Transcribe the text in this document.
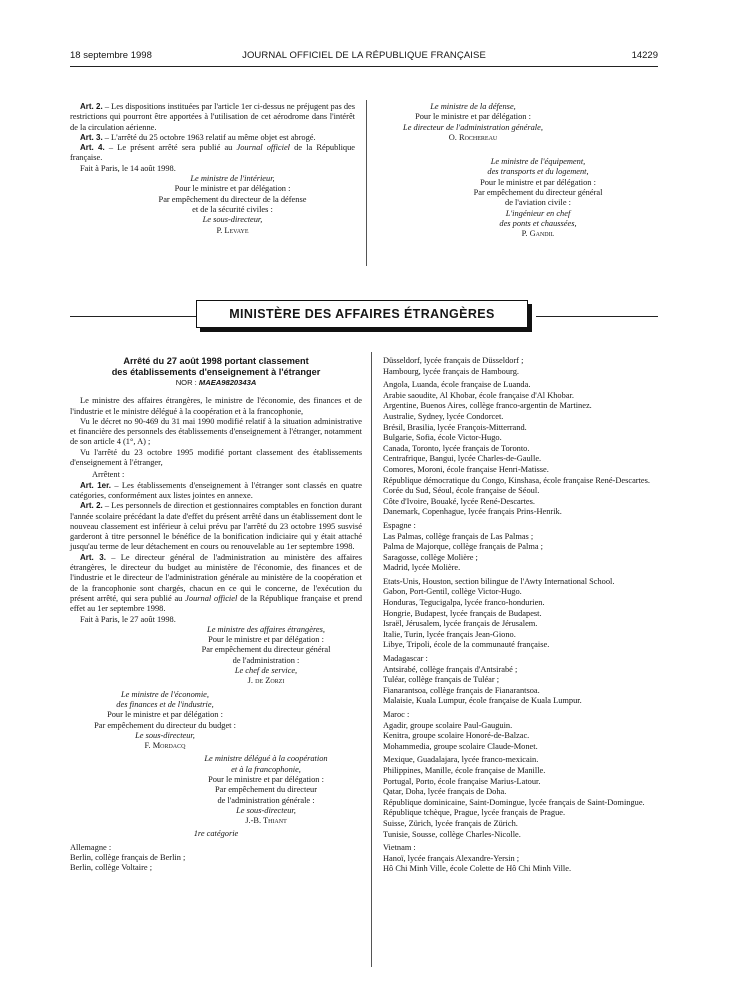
18 septembre 1998	JOURNAL OFFICIEL DE LA RÉPUBLIQUE FRANÇAISE	14229

Art. 2. – Les dispositions instituées par l'article 1er ci-dessus ne préjugent pas des restrictions qui pourront être apportées à l'utilisation de cet aérodrome dans l'intérêt de la circulation aérienne.

Art. 3. – L'arrêté du 25 octobre 1963 relatif au même objet est abrogé.

Art. 4. – Le présent arrêté sera publié au Journal officiel de la République française.

Fait à Paris, le 14 août 1998.

Le ministre de l'intérieur,

Pour le ministre et par délégation :

Par empêchement du directeur de la défense

et de la sécurité civiles :

Le sous-directeur,

P. Levaye

Le ministre de la défense,

Pour le ministre et par délégation :

Le directeur de l'administration générale,

O. Rochereau

Le ministre de l'équipement,

des transports et du logement,

Pour le ministre et par délégation :

Par empêchement du directeur général

de l'aviation civile :

L'ingénieur en chef

des ponts et chaussées,

P. Gandil

MINISTÈRE DES AFFAIRES ÉTRANGÈRES

Arrêté du 27 août 1998 portant classement

des établissements d'enseignement à l'étranger

NOR : MAEA9820343A

Le ministre des affaires étrangères, le ministre de l'économie, des finances et de l'industrie et le ministre délégué à la coopération et à la francophonie,

Vu le décret no 90-469 du 31 mai 1990 modifié relatif à la situation administrative et financière des personnels des établissements d'enseignement à l'étranger, notamment de son article 4 (1°, A) ;

Vu l'arrêté du 23 octobre 1995 modifié portant classement des établissements d'enseignement à l'étranger,

Arrêtent :

Art. 1er. – Les établissements d'enseignement à l'étranger sont classés en quatre catégories, conformément aux listes jointes en annexe.

Art. 2. – Les personnels de direction et gestionnaires comptables en fonction durant l'année scolaire précédant la date d'effet du présent arrêté dans un établissement dont le nouveau classement est inférieur à celui prévu par l'arrêté du 23 octobre 1995 susvisé garderont à titre personnel le bénéfice de la bonification indiciaire qui y était attaché jusqu'au terme de leur détachement en cours ou renouvelable au 1er septembre 1998.

Art. 3. – Le directeur général de l'administration au ministère des affaires étrangères, le directeur du budget au ministère de l'économie, des finances et de l'industrie et le directeur de l'administration générale au ministère de la coopération et de la francophonie sont chargés, chacun en ce qui le concerne, de l'exécution du présent arrêté, qui sera publié au Journal officiel de la République française et prend effet au 1er septembre 1998.

Fait à Paris, le 27 août 1998.

Le ministre des affaires étrangères,

Pour le ministre et par délégation :

Par empêchement du directeur général

de l'administration :

Le chef de service,

J. de Zorzi

Le ministre de l'économie,

des finances et de l'industrie,

Pour le ministre et par délégation :

Par empêchement du directeur du budget :

Le sous-directeur,

F. Mordacq

Le ministre délégué à la coopération

et à la francophonie,

Pour le ministre et par délégation :

Par empêchement du directeur

de l'administration générale :

Le sous-directeur,

J.-B. Thiant

1re catégorie

Allemagne :

Berlin, collège français de Berlin ;

Berlin, collège Voltaire ;

Düsseldorf, lycée français de Düsseldorf ;

Hambourg, lycée français de Hambourg.

Angola, Luanda, école française de Luanda.

Arabie saoudite, Al Khobar, école française d'Al Khobar.

Argentine, Buenos Aires, collège franco-argentin de Martinez.

Australie, Sydney, lycée Condorcet.

Brésil, Brasilia, lycée François-Mitterrand.

Bulgarie, Sofia, école Victor-Hugo.

Canada, Toronto, lycée français de Toronto.

Centrafrique, Bangui, lycée Charles-de-Gaulle.

Comores, Moroni, école française Henri-Matisse.

République démocratique du Congo, Kinshasa, école française René-Descartes.

Corée du Sud, Séoul, école française de Séoul.

Côte d'Ivoire, Bouaké, lycée René-Descartes.

Danemark, Copenhague, lycée français Prins-Henrik.

Espagne :

Las Palmas, collège français de Las Palmas ;

Palma de Majorque, collège français de Palma ;

Saragosse, collège Molière ;

Madrid, lycée Molière.

Etats-Unis, Houston, section bilingue de l'Awty International School.

Gabon, Port-Gentil, collège Victor-Hugo.

Honduras, Tegucigalpa, lycée franco-hondurien.

Hongrie, Budapest, lycée français de Budapest.

Israël, Jérusalem, lycée français de Jérusalem.

Italie, Turin, lycée français Jean-Giono.

Libye, Tripoli, école de la communauté française.

Madagascar :

Antsirabé, collège français d'Antsirabé ;

Tuléar, collège français de Tuléar ;

Fianarantsoa, collège français de Fianarantsoa.

Malaisie, Kuala Lumpur, école française de Kuala Lumpur.

Maroc :

Agadir, groupe scolaire Paul-Gauguin.

Kenitra, groupe scolaire Honoré-de-Balzac.

Mohammedia, groupe scolaire Claude-Monet.

Mexique, Guadalajara, lycée franco-mexicain.

Philippines, Manille, école française de Manille.

Portugal, Porto, école française Marius-Latour.

Qatar, Doha, lycée français de Doha.

République dominicaine, Saint-Domingue, lycée français de Saint-Domingue.

République tchèque, Prague, lycée français de Prague.

Suisse, Zürich, lycée français de Zürich.

Tunisie, Sousse, collège Charles-Nicolle.

Vietnam :

Hanoï, lycée français Alexandre-Yersin ;

Hô Chi Minh Ville, école Colette de Hô Chi Minh Ville.
